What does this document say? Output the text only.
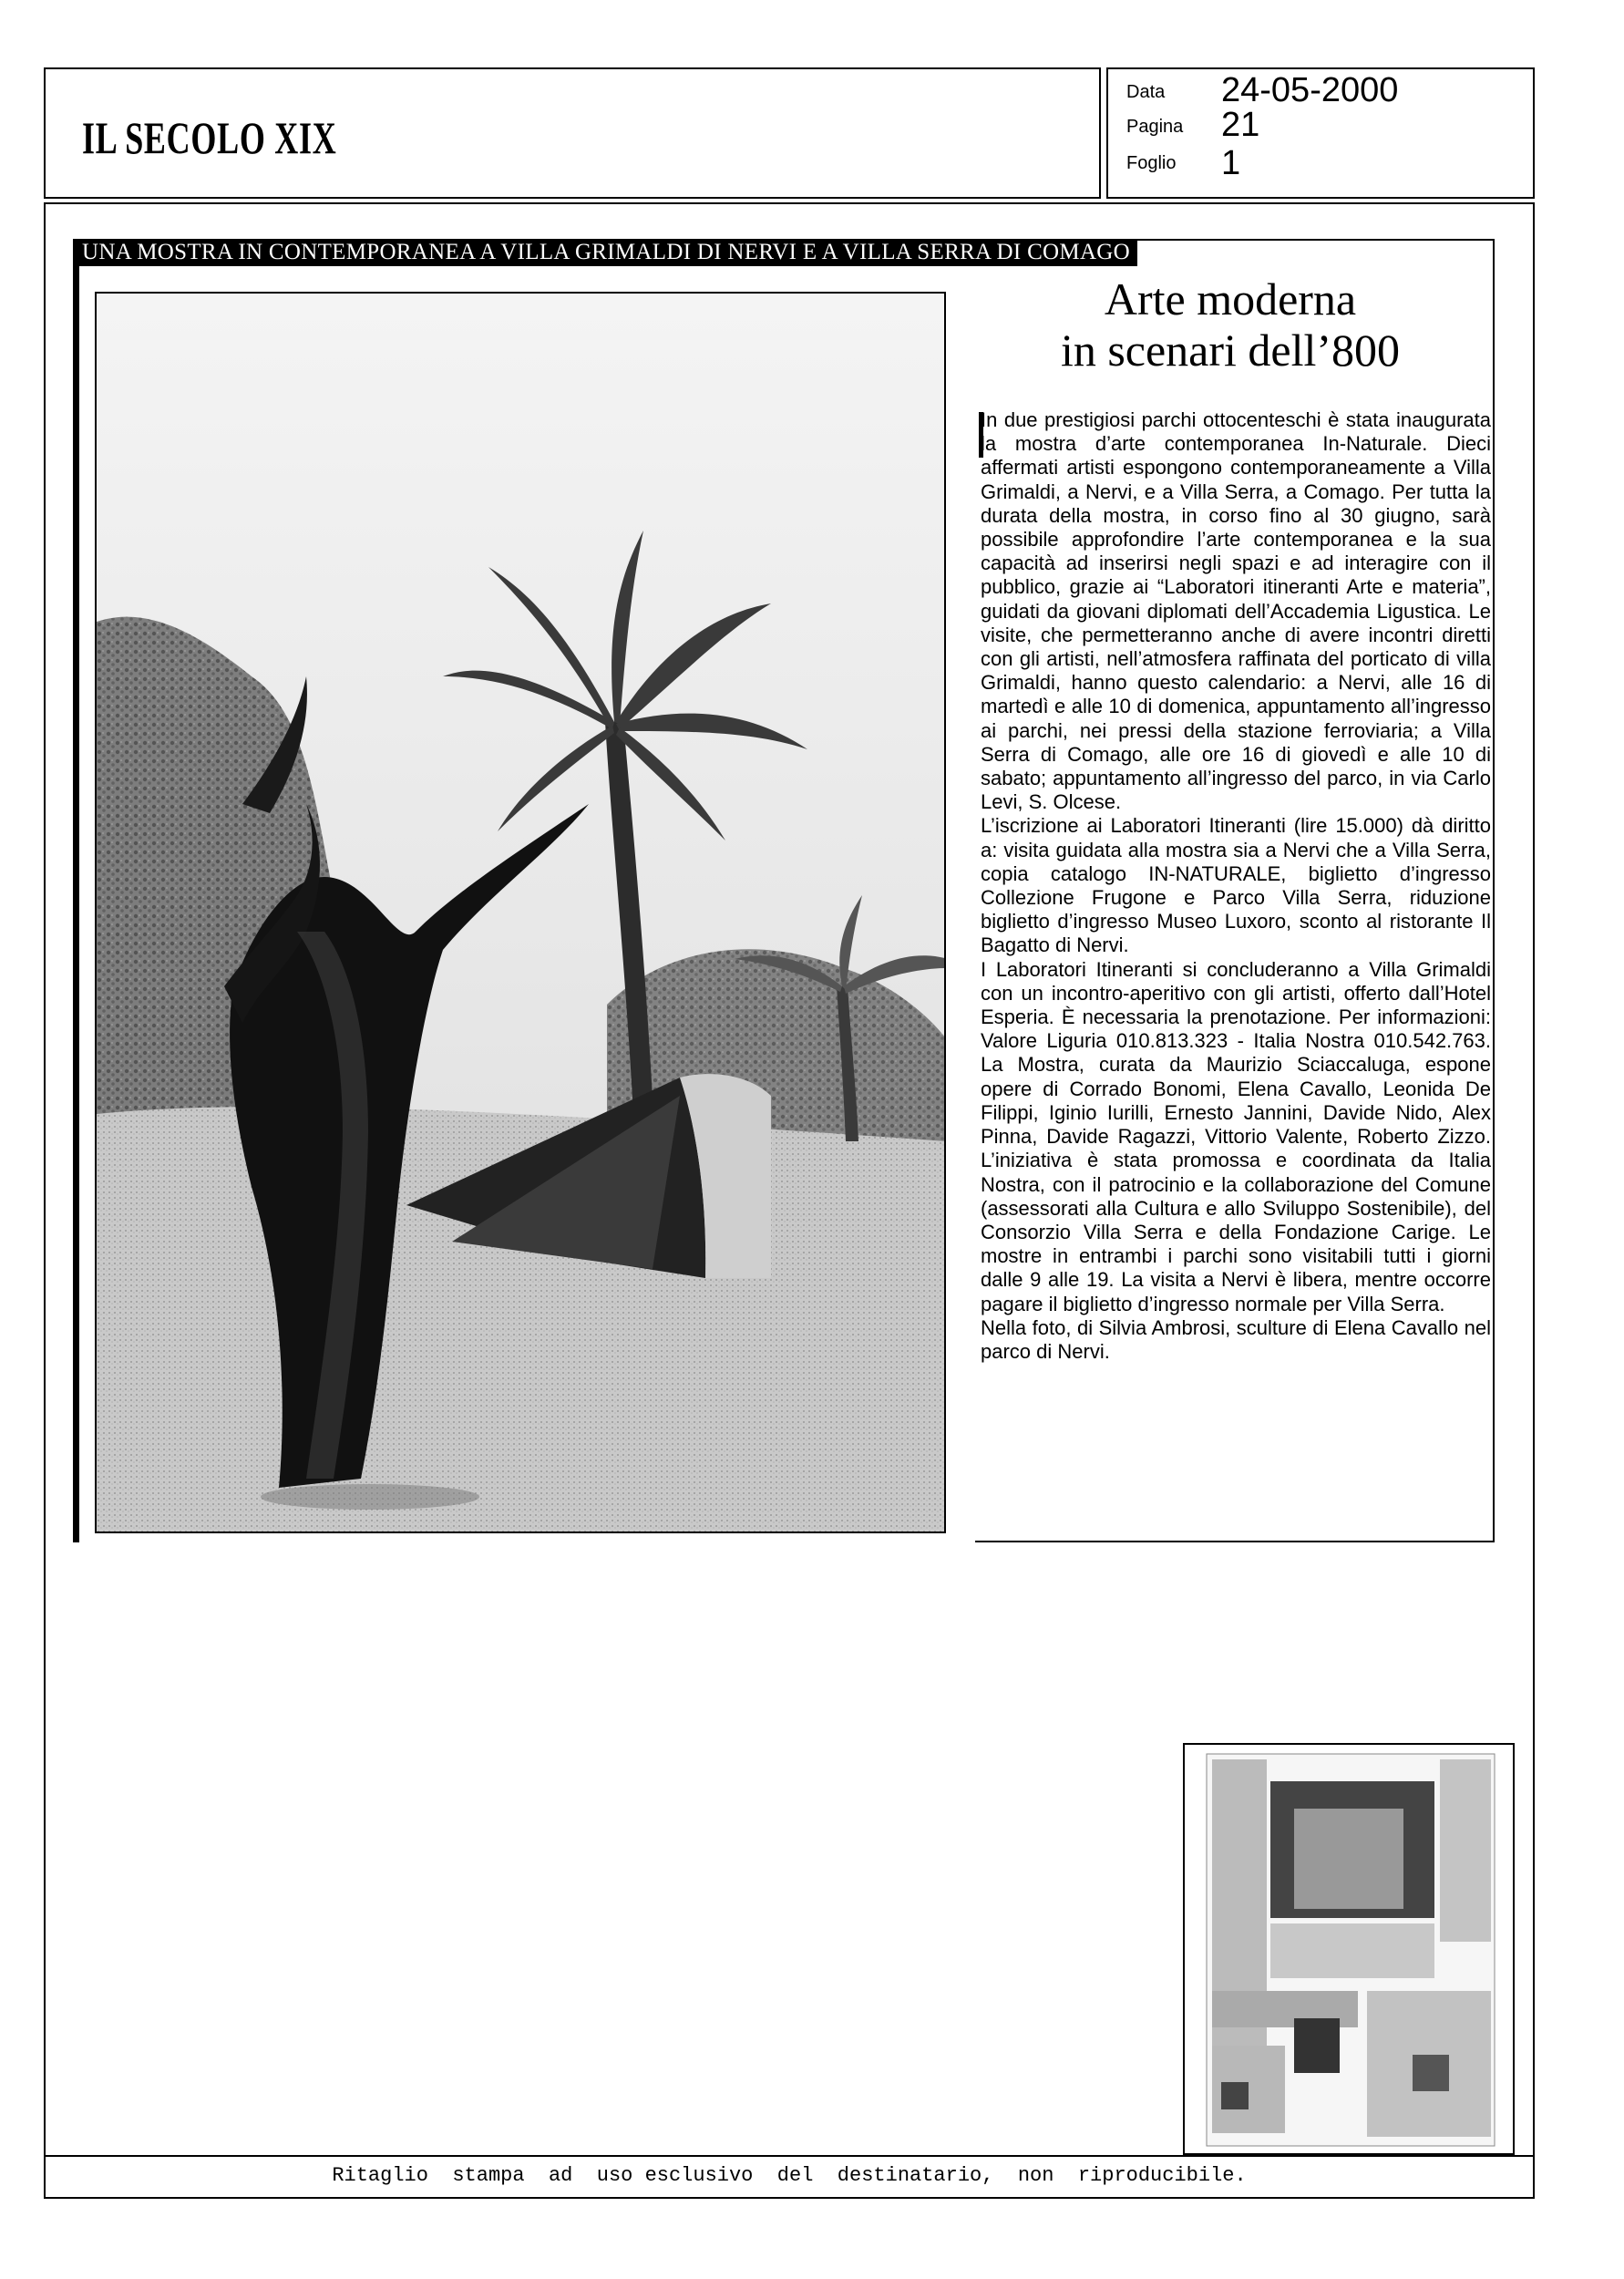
IL SECOLO XIX
Data 24-05-2000
Pagina 21
Foglio 1
UNA MOSTRA IN CONTEMPORANEA A VILLA GRIMALDI DI NERVI E A VILLA SERRA DI COMAGO
Arte moderna
in scenari dell’800
In due prestigiosi parchi ottocenteschi è stata inaugurata la mostra d’arte contemporanea In-Naturale. Dieci affermati artisti espongono contemporaneamente a Villa Grimaldi, a Nervi, e a Villa Serra, a Comago. Per tutta la durata della mostra, in corso fino al 30 giugno, sarà possibile approfondire l’arte contemporanea e la sua capacità ad inserirsi negli spazi e ad interagire con il pubblico, grazie ai “Laboratori itineranti Arte e materia”, guidati da giovani diplomati dell’Accademia Ligustica. Le visite, che permetteranno anche di avere incontri diretti con gli artisti, nell’atmosfera raffinata del porticato di villa Grimaldi, hanno questo calendario: a Nervi, alle 16 di martedì e alle 10 di domenica, appuntamento all’ingresso ai parchi, nei pressi della stazione ferroviaria; a Villa Serra di Comago, alle ore 16 di giovedì e alle 10 di sabato; appuntamento all’ingresso del parco, in via Carlo Levi, S. Olcese.
L’iscrizione ai Laboratori Itineranti (lire 15.000) dà diritto a: visita guidata alla mostra sia a Nervi che a Villa Serra, copia catalogo IN-NATURALE, biglietto d’ingresso Collezione Frugone e Parco Villa Serra, riduzione biglietto d’ingresso Museo Luxoro, sconto al ristorante Il Bagatto di Nervi.
I Laboratori Itineranti si concluderanno a Villa Grimaldi con un incontro-aperitivo con gli artisti, offerto dall’Hotel Esperia. È necessaria la prenotazione. Per informazioni: Valore Liguria 010.813.323 - Italia Nostra 010.542.763. La Mostra, curata da Maurizio Sciaccaluga, espone opere di Corrado Bonomi, Elena Cavallo, Leonida De Filippi, Iginio Iurilli, Ernesto Jannini, Davide Nido, Alex Pinna, Davide Ragazzi, Vittorio Valente, Roberto Zizzo. L’iniziativa è stata promossa e coordinata da Italia Nostra, con il patrocinio e la collaborazione del Comune (assessorati alla Cultura e allo Sviluppo Sostenibile), del Consorzio Villa Serra e della Fondazione Carige. Le mostre in entrambi i parchi sono visitabili tutti i giorni dalle 9 alle 19. La visita a Nervi è libera, mentre occorre pagare il biglietto d’ingresso normale per Villa Serra.
Nella foto, di Silvia Ambrosi, sculture di Elena Cavallo nel parco di Nervi.
Ritaglio  stampa  ad  uso esclusivo  del  destinatario,  non  riproducibile.
